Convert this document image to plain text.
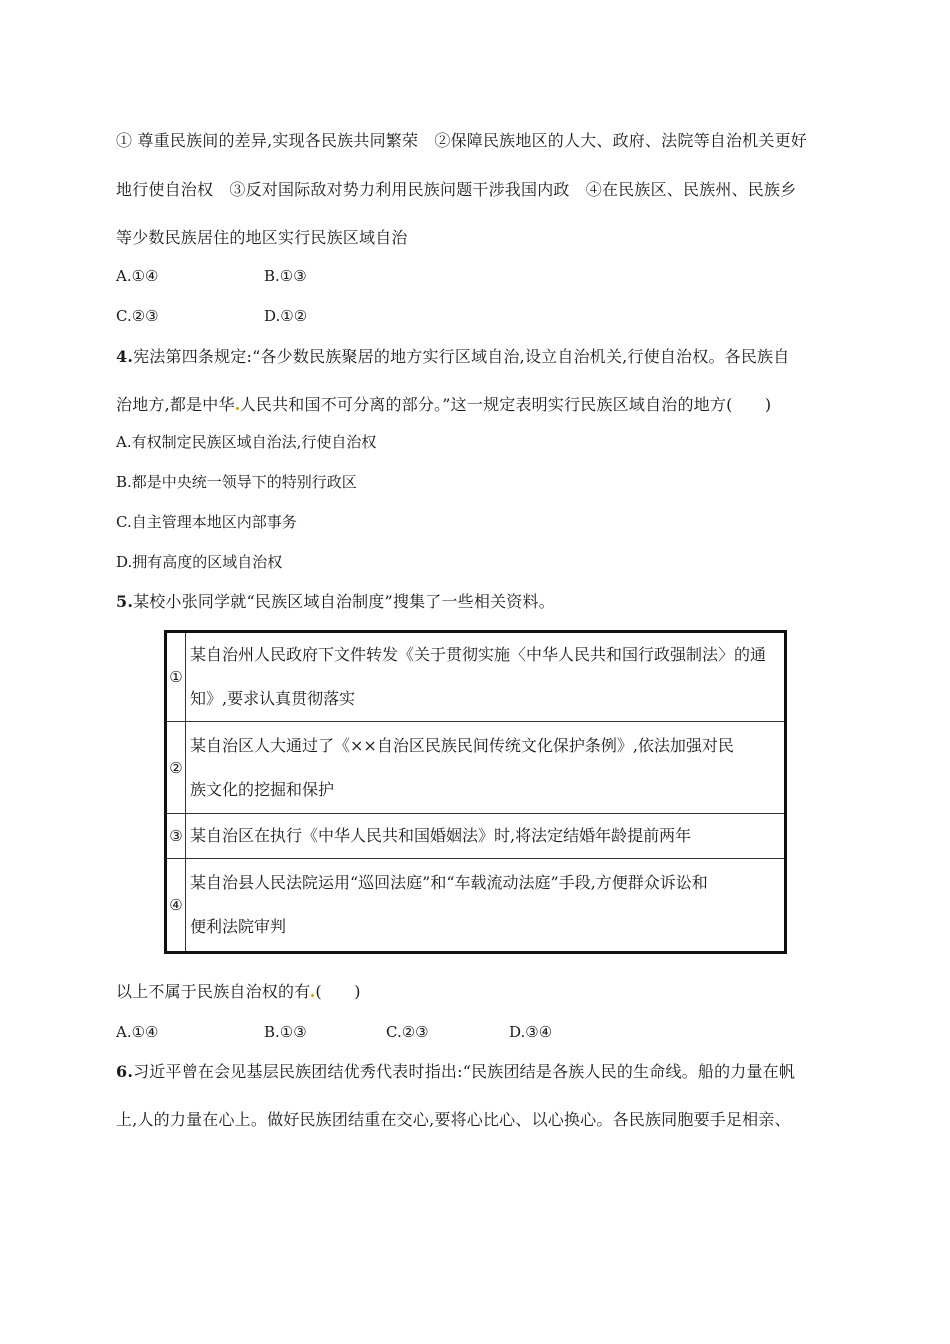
① 尊重民族间的差异,实现各民族共同繁荣　②保障民族地区的人大、政府、法院等自治机关更好
地行使自治权　③反对国际敌对势力利用民族问题干涉我国内政　④在民族区、民族州、民族乡
等少数民族居住的地区实行民族区域自治
A.①④	B.①③
C.②③	D.①②
4.宪法第四条规定:“各少数民族聚居的地方实行区域自治,设立自治机关,行使自治权。各民族自
治地方,都是中华 人民共和国不可分离的部分。”这一规定表明实行民族区域自治的地方(　　)
A.有权制定民族区域自治法,行使自治权
B.都是中央统一领导下的特别行政区
C.自主管理本地区内部事务
D.拥有高度的区域自治权
5.某校小张同学就“民族区域自治制度”搜集了一些相关资料。
①	某自治州人民政府下文件转发《关于贯彻实施〈中华人民共和国行政强制法〉的通
知》,要求认真贯彻落实

②	某自治区人大通过了《××自治区民族民间传统文化保护条例》,依法加强对民
族文化的挖掘和保护

③	某自治区在执行《中华人民共和国婚姻法》时,将法定结婚年龄提前两年

④	某自治县人民法院运用“巡回法庭”和“车载流动法庭”手段,方便群众诉讼和
便利法院审判
以上不属于民族自治权的有 (　　)
A.①④	B.①③	C.②③	D.③④
6.习近平曾在会见基层民族团结优秀代表时指出:“民族团结是各族人民的生命线。船的力量在帆
上,人的力量在心上。做好民族团结重在交心,要将心比心、以心换心。各民族同胞要手足相亲、
